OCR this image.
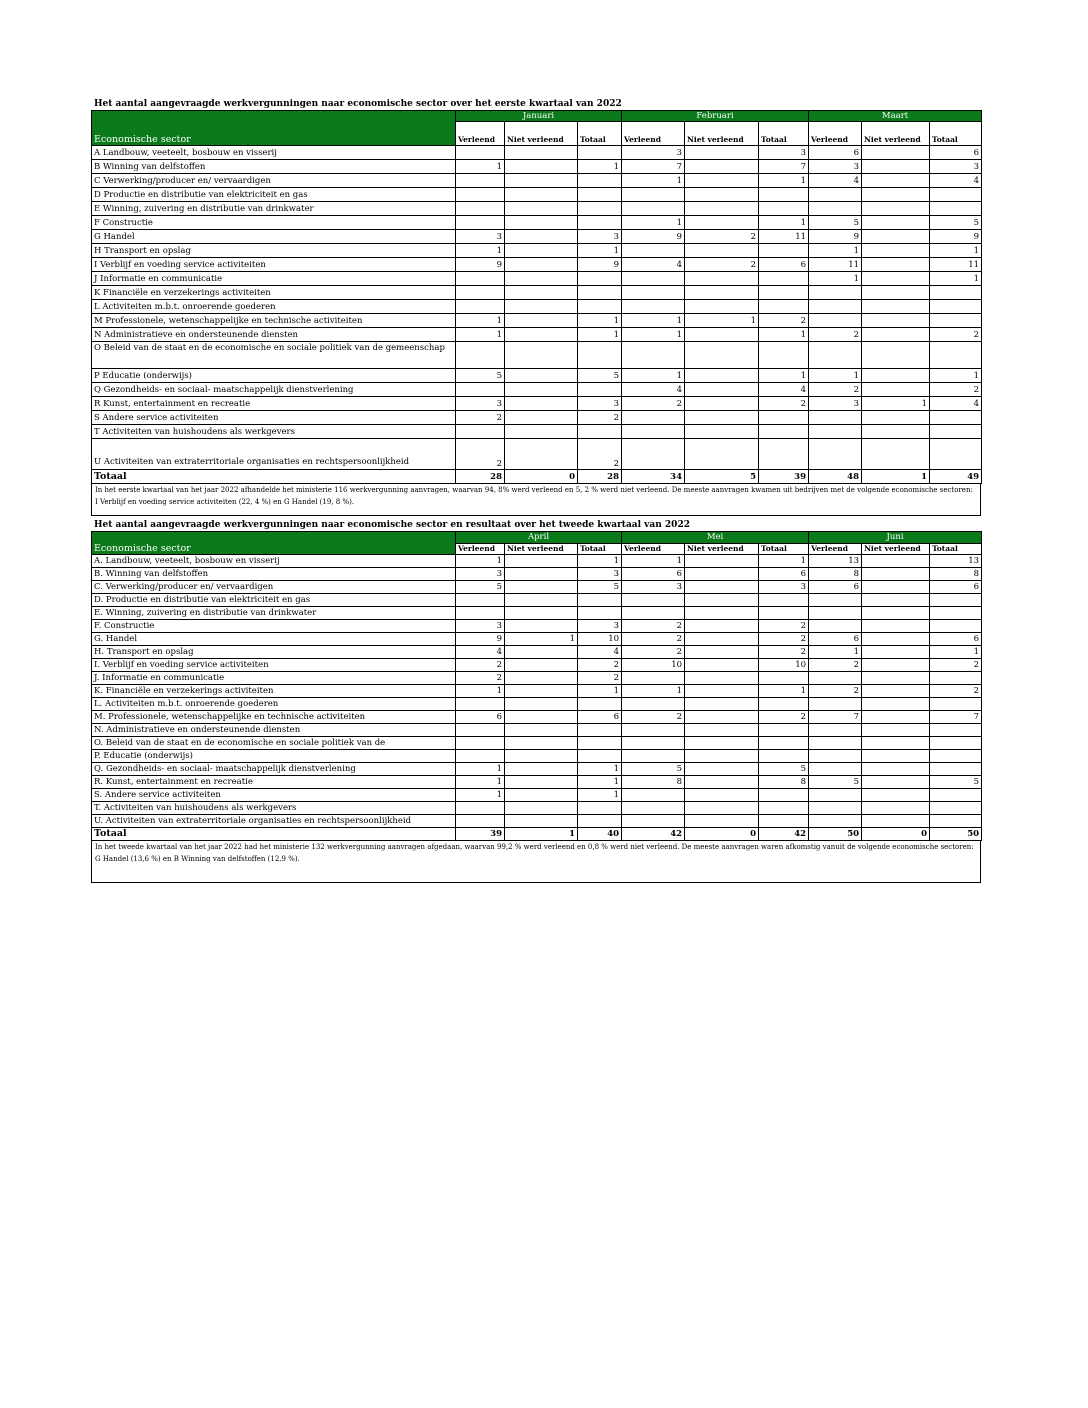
Het aantal aangevraagde werkvergunningen naar economische sector over het eerste kwartaal van 2022
Economische sector	Januari			Februari			Maart		
	Verleend	Niet verleend	Totaal	Verleend	Niet verleend	Totaal	Verleend	Niet verleend	Totaal
A Landbouw, veeteelt, bosbouw en visserij				3		3	6		6
B Winning van delfstoffen	1		1	7		7	3		3
C Verwerking/producer en/ vervaardigen				1		1	4		4
D Productie en distributie van elektriciteit en gas									
E Winning, zuivering en distributie van drinkwater									
F Constructie				1		1	5		5
G Handel	3		3	9	2	11	9		9
H Transport en opslag	1		1				1		1
I Verblijf en voeding service activiteiten	9		9	4	2	6	11		11
J Informatie en communicatie							1		1
K Financiële en verzekerings activiteiten									
L Activiteiten m.b.t. onroerende goederen									
M Professionele, wetenschappelijke en technische activiteiten	1		1	1	1	2			
N Administratieve en ondersteunende diensten	1		1	1		1	2		2
O Beleid van de staat en de economische en sociale politiek van de gemeenschap									
P Educatie (onderwijs)	5		5	1		1	1		1
Q Gezondheids- en sociaal- maatschappelijk dienstverlening				4		4	2		2
R Kunst, entertainment en recreatie	3		3	2		2	3	1	4
S Andere service activiteiten	2		2						
T Activiteiten van huishoudens als werkgevers									
U Activiteiten van extraterritoriale organisaties en rechtspersoonlijkheid	2		2						
Totaal	28	0	28	34	5	39	48	1	49
In het eerste kwartaal van het jaar 2022 afhandelde het ministerie 116 werkvergunning aanvragen, waarvan 94, 8% werd verleend en 5, 2 % werd niet verleend. De meeste aanvragen kwamen uit bedrijven met de volgende economische sectoren: I Verblijf en voeding service activiteiten (22, 4 %) en G Handel (19, 8 %).
Het aantal aangevraagde werkvergunningen naar economische sector en resultaat over het tweede kwartaal van 2022
Economische sector	April			Mei			Juni		
	Verleend	Niet verleend	Totaal	Verleend	Niet verleend	Totaal	Verleend	Niet verleend	Totaal
A. Landbouw, veeteelt, bosbouw en visserij	1		1	1		1	13		13
B. Winning van delfstoffen	3		3	6		6	8		8
C. Verwerking/producer en/ vervaardigen	5		5	3		3	6		6
D. Productie en distributie van elektriciteit en gas									
E. Winning, zuivering en distributie van drinkwater									
F. Constructie	3		3	2		2			
G. Handel	9	1	10	2		2	6		6
H. Transport en opslag	4		4	2		2	1		1
I. Verblijf en voeding service activiteiten	2		2	10		10	2		2
J. Informatie en communicatie	2		2						
K. Financiële en verzekerings activiteiten	1		1	1		1	2		2
L. Activiteiten m.b.t. onroerende goederen									
M. Professionele, wetenschappelijke en technische activiteiten	6		6	2		2	7		7
N. Administratieve en ondersteunende diensten									
O. Beleid van de staat en de economische en sociale politiek van de									
P. Educatie (onderwijs)									
Q. Gezondheids- en sociaal- maatschappelijk dienstverlening	1		1	5		5			
R. Kunst, entertainment en recreatie	1		1	8		8	5		5
S. Andere service activiteiten	1		1						
T. Activiteiten van huishoudens als werkgevers									
U. Activiteiten van extraterritoriale organisaties en rechtspersoonlijkheid									
Totaal	39	1	40	42	0	42	50	0	50
In het tweede kwartaal van het jaar 2022 had het ministerie 132 werkvergunning aanvragen afgedaan, waarvan 99,2 % werd verleend en 0,8 % werd niet verleend. De meeste aanvragen waren afkomstig vanuit de volgende economische sectoren: G Handel (13,6 %) en B Winning van delfstoffen (12,9 %).
